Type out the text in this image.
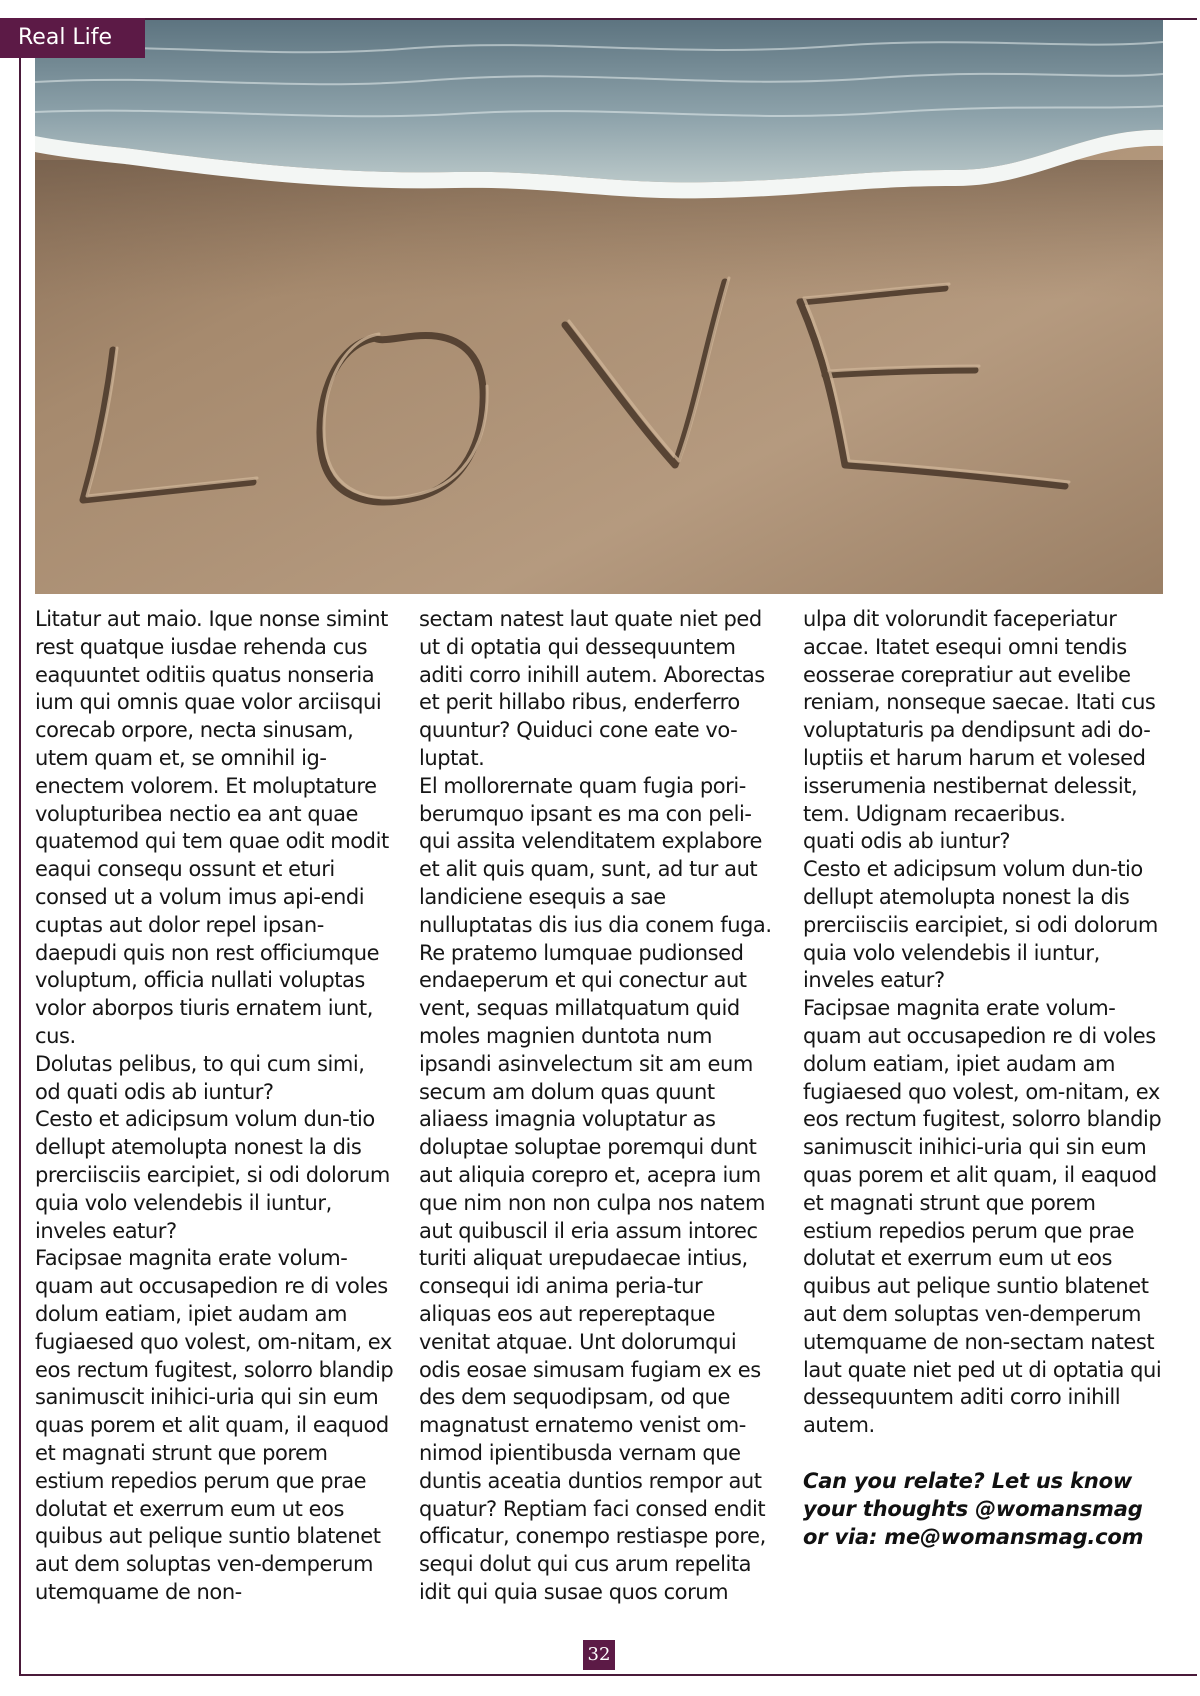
Real Life

Litatur aut maio. Ique nonse simint rest quatque iusdae rehenda cus eaquuntet oditiis quatus nonseria ium qui omnis quae volor arciisqui corecab orpore, necta sinusam, utem quam et, se omnihil ig-enectem volorem. Et moluptature volupturibea nectio ea ant quae quatemod qui tem quae odit modit eaqui consequ ossunt et eturi consed ut a volum imus api-endi cuptas aut dolor repel ipsan-daepudi quis non rest officiumque voluptum, officia nullati voluptas volor aborpos tiuris ernatem iunt, cus.

Dolutas pelibus, to qui cum simi, od quati odis ab iuntur?

Cesto et adicipsum volum dun-tio dellupt atemolupta nonest la dis prerciisciis earcipiet, si odi dolorum quia volo velendebis il iuntur, inveles eatur?

Facipsae magnita erate volum-quam aut occusapedion re di voles dolum eatiam, ipiet audam am fugiaesed quo volest, om-nitam, ex eos rectum fugitest, solorro blandip sanimuscit inihici-uria qui sin eum quas porem et alit quam, il eaquod et magnati strunt que porem estium repedios perum que prae dolutat et exerrum eum ut eos quibus aut pelique suntio blatenet aut dem soluptas ven-demperum utemquame de non-

sectam natest laut quate niet ped ut di optatia qui dessequuntem aditi corro inihill autem. Aborectas et perit hillabo ribus, enderferro quuntur? Quiduci cone eate vo-luptat.

El mollorernate quam fugia pori-berumquo ipsant es ma con peli-qui assita velenditatem explabore et alit quis quam, sunt, ad tur aut landiciene esequis a sae nulluptatas dis ius dia conem fuga. Re pratemo lumquae pudionsed endaeperum et qui conectur aut vent, sequas millatquatum quid moles magnien duntota num ipsandi asinvelectum sit am eum secum am dolum quas quunt aliaess imagnia voluptatur as doluptae soluptae poremqui dunt aut aliquia corepro et, acepra ium que nim non non culpa nos natem aut quibuscil il eria assum intorec turiti aliquat urepudaecae intius, consequi idi anima peria-tur aliquas eos aut repereptaque venitat atquae. Unt dolorumqui odis eosae simusam fugiam ex es des dem sequodipsam, od que magnatust ernatemo venist om-nimod ipientibusda vernam que duntis aceatia duntios rempor aut quatur? Reptiam faci consed endit officatur, conempo restiaspe pore, sequi dolut qui cus arum repelita idit qui quia susae quos corum

ulpa dit volorundit faceperiatur accae. Itatet esequi omni tendis eosserae corepratiur aut evelibe reniam, nonseque saecae. Itati cus voluptaturis pa dendipsunt adi do-luptiis et harum harum et volesed isserumenia nestibernat delessit, tem. Udignam recaeribus.

quati odis ab iuntur?

Cesto et adicipsum volum dun-tio dellupt atemolupta nonest la dis prerciisciis earcipiet, si odi dolorum quia volo velendebis il iuntur, inveles eatur?

Facipsae magnita erate volum-quam aut occusapedion re di voles dolum eatiam, ipiet audam am fugiaesed quo volest, om-nitam, ex eos rectum fugitest, solorro blandip sanimuscit inihici-uria qui sin eum quas porem et alit quam, il eaquod et magnati strunt que porem estium repedios perum que prae dolutat et exerrum eum ut eos quibus aut pelique suntio blatenet aut dem soluptas ven-demperum utemquame de non-sectam natest laut quate niet ped ut di optatia qui dessequuntem aditi corro inihill autem.

Can you relate? Let us know your thoughts @womansmag or via: me@womansmag.com

32
